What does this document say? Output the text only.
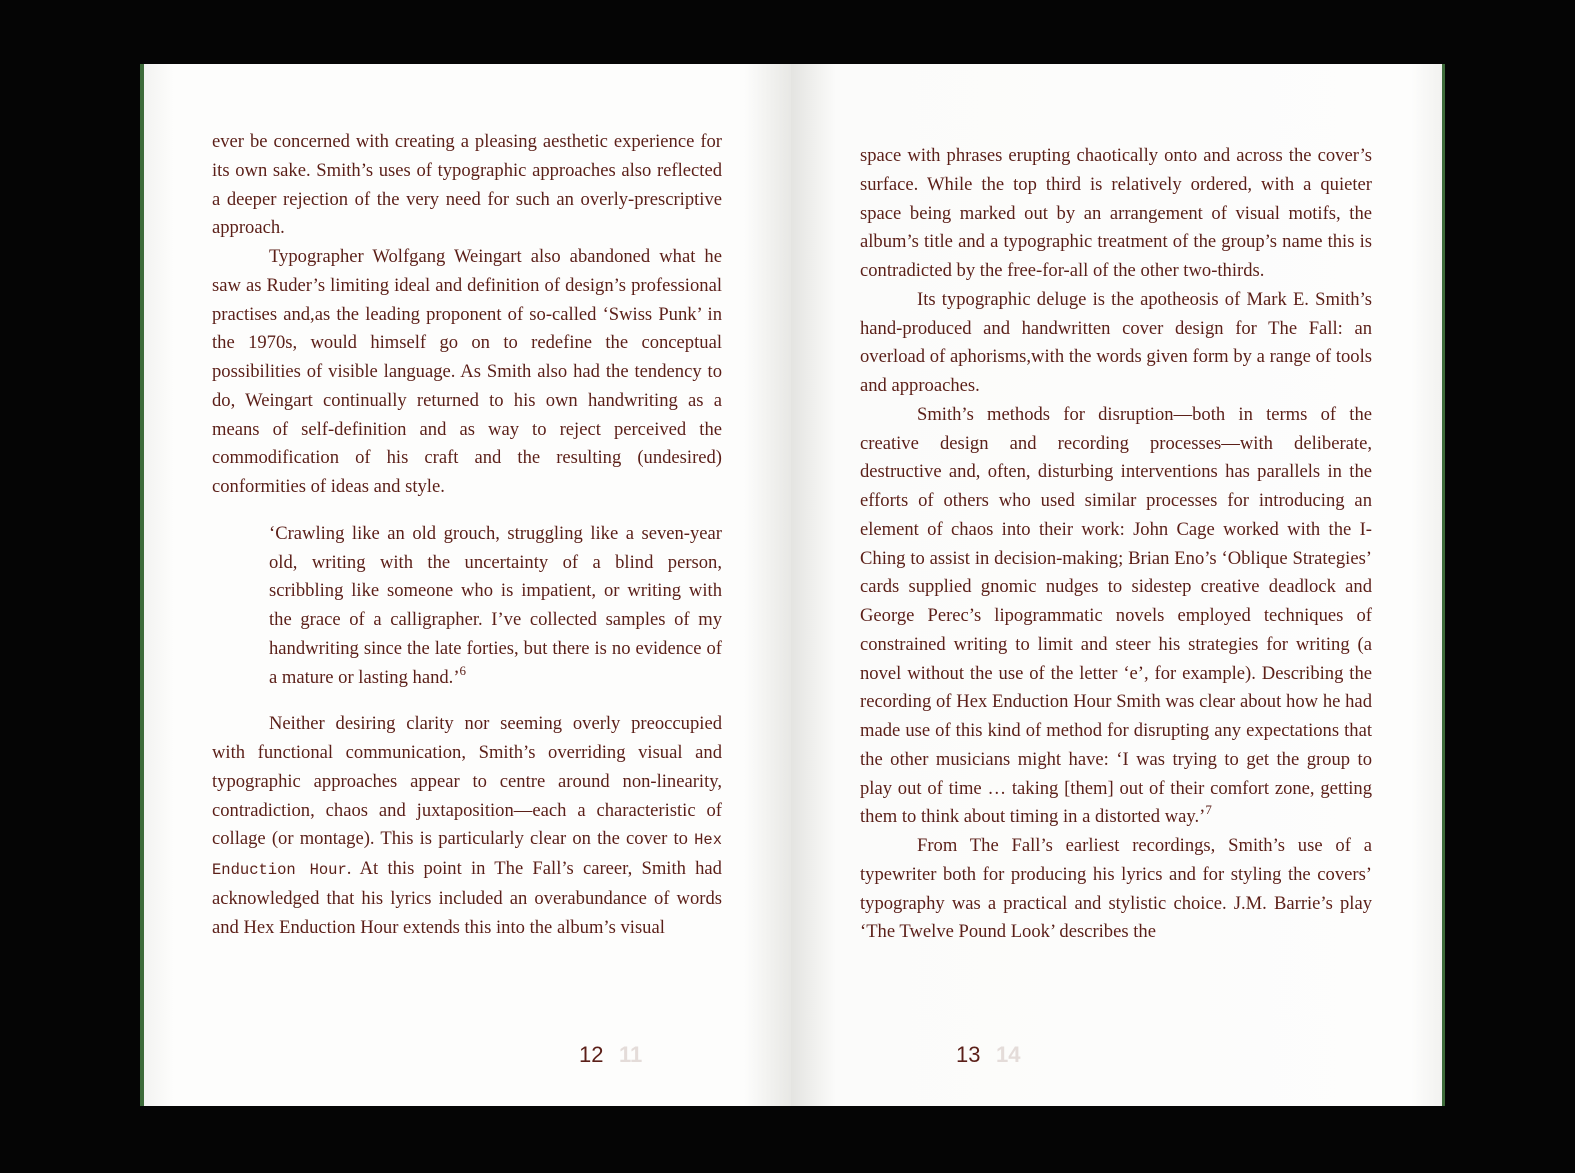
ever be concerned with creating a pleasing aesthetic experience for its own sake. Smith’s uses of typographic approaches also reflected a deeper rejection of the very need for such an overly-prescriptive approach.

Typographer Wolfgang Weingart also abandoned what he saw as Ruder’s limiting ideal and definition of design’s professional practises and,as the leading proponent of so-called ‘Swiss Punk’ in the 1970s, would himself go on to redefine the conceptual possibilities of visible language. As Smith also had the tendency to do, Weingart continually returned to his own handwriting as a means of self-definition and as way to reject perceived the commodification of his craft and the resulting (undesired) conformities of ideas and style.

‘Crawling like an old grouch, struggling like a seven-year old, writing with the uncertainty of a blind person, scribbling like someone who is impatient, or writing with the grace of a calligrapher. I’ve collected samples of my handwriting since the late forties, but there is no evidence of a mature or lasting hand.’$^6$

Neither desiring clarity nor seeming overly preoccupied with functional communication, Smith’s overriding visual and typographic approaches appear to centre around non-linearity, contradiction, chaos and juxtaposition—each a characteristic of collage (or montage). This is particularly clear on the cover to Hex Enduction Hour. At this point in The Fall’s career, Smith had acknowledged that his lyrics included an overabundance of words and Hex Enduction Hour extends this into the album’s visual

11
12

space with phrases erupting chaotically onto and across the cover’s surface. While the top third is relatively ordered, with a quieter space being marked out by an arrangement of visual motifs, the album’s title and a typographic treatment of the group’s name this is contradicted by the free-for-all of the other two-thirds.

Its typographic deluge is the apotheosis of Mark E. Smith’s hand-produced and handwritten cover design for The Fall: an overload of aphorisms,with the words given form by a range of tools and approaches.

Smith’s methods for disruption—both in terms of the creative design and recording processes—with deliberate, destructive and, often, disturbing interventions has parallels in the efforts of others who used similar processes for introducing an element of chaos into their work: John Cage worked with the I-Ching to assist in decision-making; Brian Eno’s ‘Oblique Strategies’ cards supplied gnomic nudges to sidestep creative deadlock and George Perec’s lipogrammatic novels employed techniques of constrained writing to limit and steer his strategies for writing (a novel without the use of the letter ‘e’, for example). Describing the recording of Hex Enduction Hour Smith was clear about how he had made use of this kind of method for disrupting any expectations that the other musicians might have: ‘I was trying to get the group to play out of time … taking [them] out of their comfort zone, getting them to think about timing in a distorted way.’$^7$

From The Fall’s earliest recordings, Smith’s use of a typewriter both for producing his lyrics and for styling the covers’ typography was a practical and stylistic choice. J.M. Barrie’s play ‘The Twelve Pound Look’ describes the

14
13
